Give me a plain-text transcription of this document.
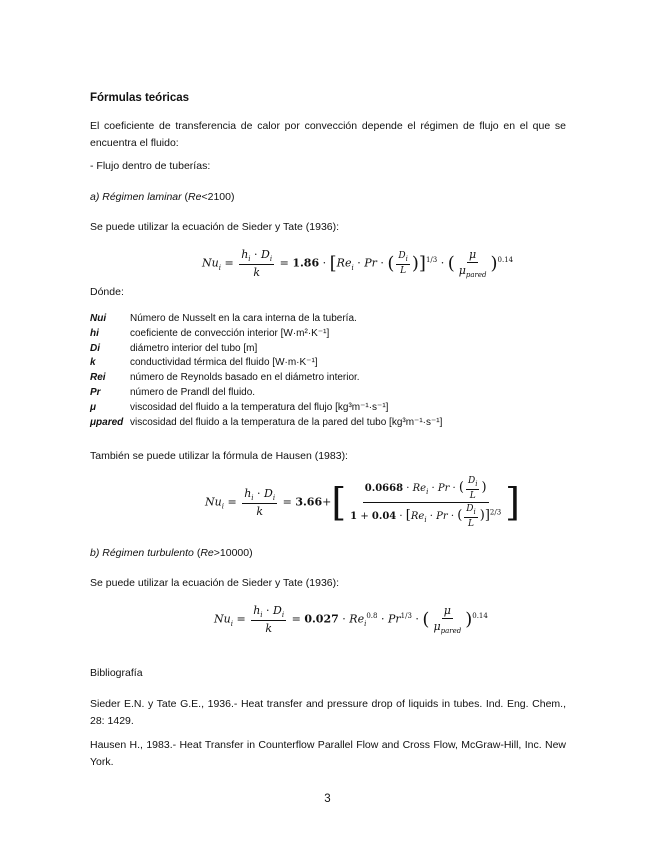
Fórmulas teóricas
El coeficiente de transferencia de calor por convección depende el régimen de flujo en el que se encuentra el fluido:
- Flujo dentro de tuberías:
a) Régimen laminar (Re<2100)
Se puede utilizar la ecuación de Sieder y Tate (1936):
$Nu_i = \frac{h_i \cdot D_i}{k} = 1.86 \cdot [Re_i \cdot Pr$ · ( $\frac{D_i}{L} )]^{1/3}$ · ( $\frac{\mu}{\mu_{pared}} )^{0.14}$
Dónde:
Nui	Número de Nusselt en la cara interna de la tubería.
hi	coeficiente de convección interior [W·m²·K⁻¹]
Di	diámetro interior del tubo [m]
k	conductividad térmica del fluido [W·m·K⁻¹]
Rei	número de Reynolds basado en el diámetro interior.
Pr	número de Prandl del fluido.
μ	viscosidad del fluido a la temperatura del flujo [kg³m⁻¹·s⁻¹]
μpared viscosidad del fluido a la temperatura de la pared del tubo [kg³m⁻¹·s⁻¹]
También se puede utilizar la fórmula de Hausen (1983):
$Nu_i = \frac{h_i \cdot D_i}{k} = 3.66+[ \frac{0.0668 \cdot Re_i \cdot Pr \cdot ( \frac{D_i}{L} )}{1 + 0.04 \cdot [Re_i \cdot Pr \cdot ( \frac{D_i}{L} )]^{2/3}}$ ]
b) Régimen turbulento (Re>10000)
Se puede utilizar la ecuación de Sieder y Tate (1936):
$Nu_i = \frac{h_i \cdot D_i}{k} = 0.027 \cdot Re_i^{0.8} \cdot Pr^{1/3}$ · ( $\frac{\mu}{\mu_{pared}} )^{0.14}$
Bibliografía
Sieder E.N. y Tate G.E., 1936.- Heat transfer and pressure drop of liquids in tubes. Ind. Eng. Chem., 28: 1429.
Hausen H., 1983.- Heat Transfer in Counterflow Parallel Flow and Cross Flow, McGraw-Hill, Inc. New York.
3
